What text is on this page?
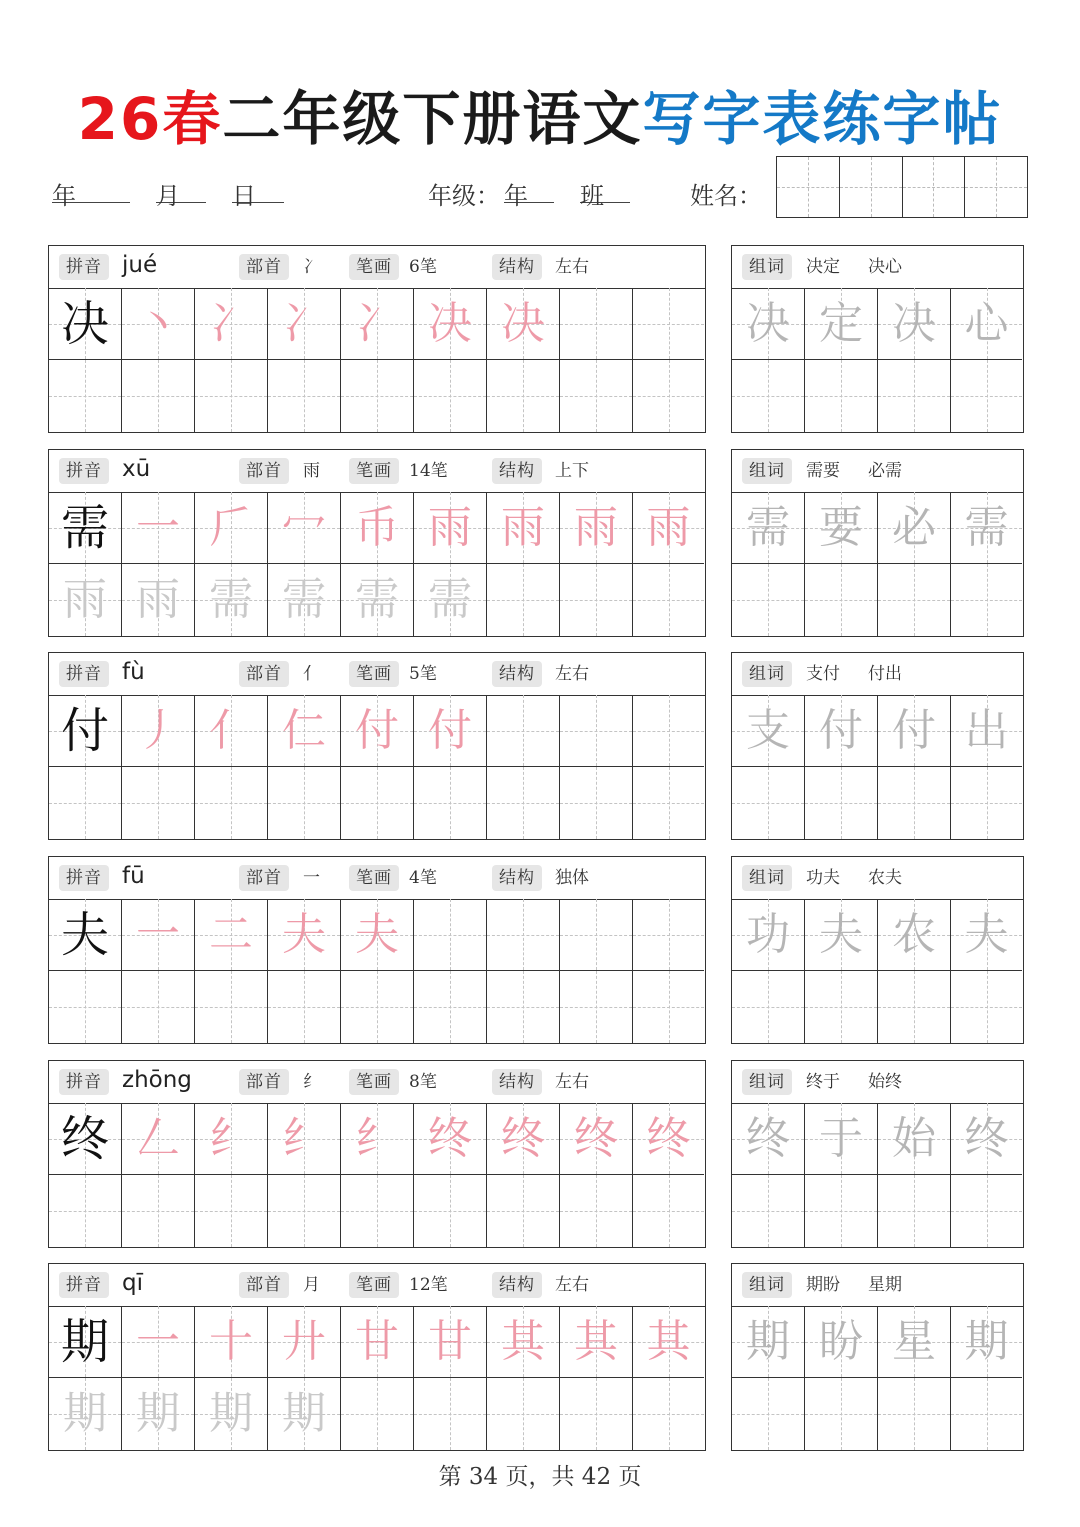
26春二年级下册语文写字表练字帖
年	月 日	年级： 年 班	姓名：
拼音 jué	部首	冫	笔画	6笔	结构	左右
决 丶 冫 冫 冫 决 决
组词	决定 决心
决 定 决 心
拼音 xū	部首	雨	笔画	14笔	结构	上下
需 一 𠂆 冖 币 雨 雨 雨 雨
雨 雨 需 需 需 需
组词	需要 必需
需 要 必 需
拼音 fù	部首	亻	笔画	5笔	结构	左右
付 丿 亻 仁 付 付
组词	支付 付出
支 付 付 出
拼音 fū	部首	一	笔画	4笔	结构	独体
夫 一 二 夫 夫
组词	功夫 农夫
功 夫 农 夫
拼音 zhōng	部首	纟	笔画	8笔	结构	左右
终 𠃋 纟 纟 纟 终 终 终 终
组词	终于 始终
终 于 始 终
拼音 qī	部首	月	笔画	12笔	结构	左右
期 一 十 廾 甘 甘 其 其 其
期 期 期 期
组词	期盼 星期
期 盼 星 期
第 34 页，共 42 页
